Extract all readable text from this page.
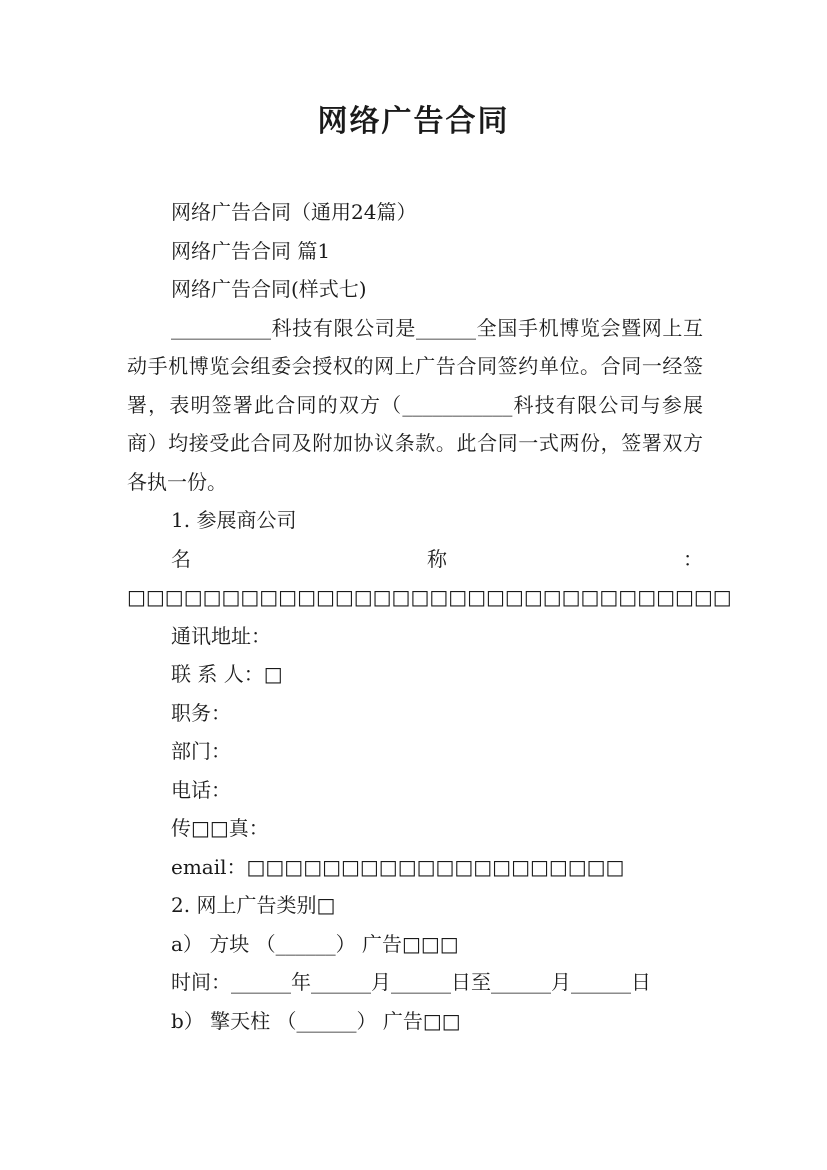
网络广告合同

网络广告合同（通用24篇）

网络广告合同 篇1

网络广告合同(样式七)

__________科技有限公司是______全国手机博览会暨网上互动手机博览会组委会授权的网上广告合同签约单位。合同一经签署，表明签署此合同的双方（___________科技有限公司与参展商）均接受此合同及附加协议条款。此合同一式两份，签署双方各执一份。

1. 参展商公司

名称：□□□□□□□□□□□□□□□□□□□□□□□□□□□□□□□□

通讯地址：

联 系 人：□

职务：

部门：

电话：

传□□真：

email：□□□□□□□□□□□□□□□□□□□□

2. 网上广告类别□

a） 方块 （______） 广告□□□

时间：______年______月______日至______月______日

b） 擎天柱 （______） 广告□□
